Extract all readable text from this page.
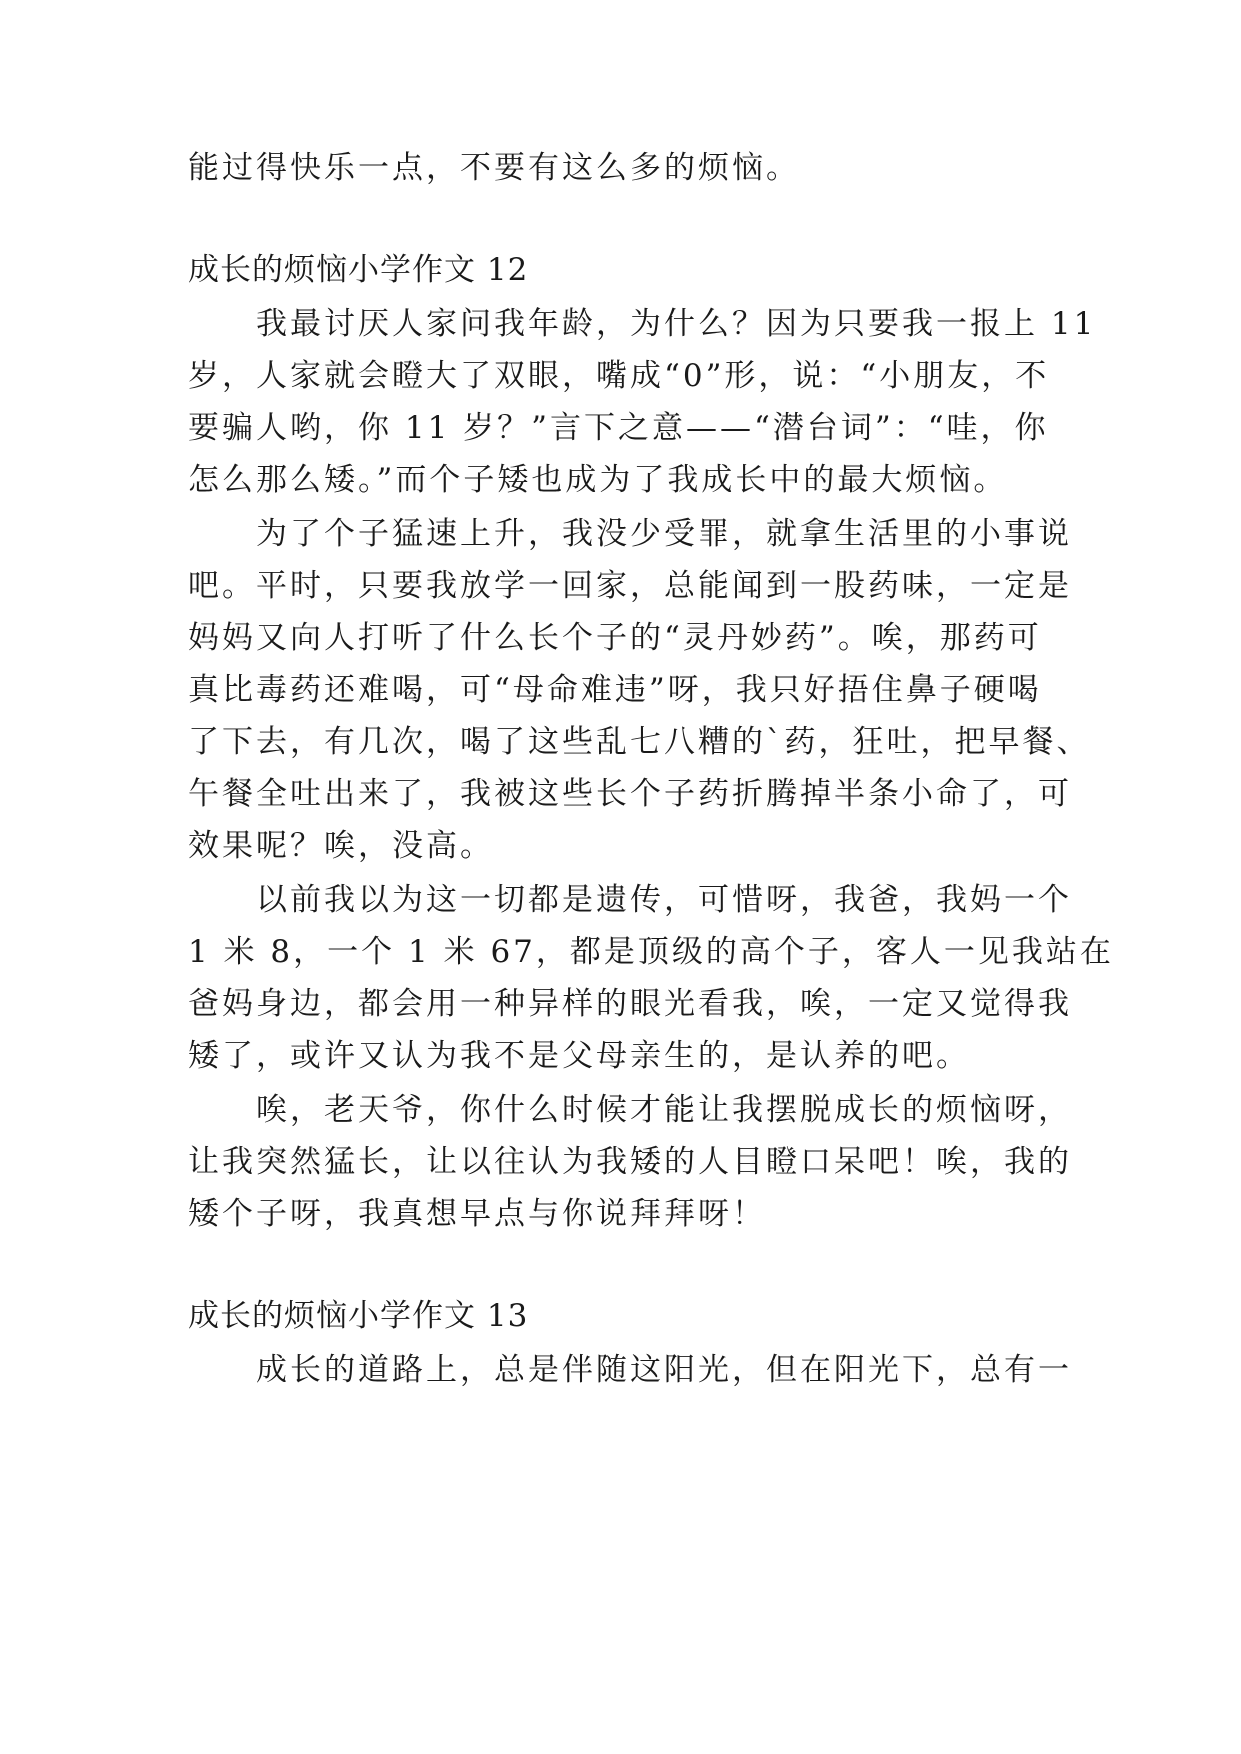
能过得快乐一点，不要有这么多的烦恼。

成长的烦恼小学作文 12

我最讨厌人家问我年龄，为什么？因为只要我一报上 11

岁，人家就会瞪大了双眼，嘴成“0”形，说：“小朋友，不

要骗人哟，你 11 岁？”言下之意——“潜台词”：“哇，你

怎么那么矮。”而个子矮也成为了我成长中的最大烦恼。

为了个子猛速上升，我没少受罪，就拿生活里的小事说

吧。平时，只要我放学一回家，总能闻到一股药味，一定是

妈妈又向人打听了什么长个子的“灵丹妙药”。唉，那药可

真比毒药还难喝，可“母命难违”呀，我只好捂住鼻子硬喝

了下去，有几次，喝了这些乱七八糟的`药，狂吐，把早餐、

午餐全吐出来了，我被这些长个子药折腾掉半条小命了，可

效果呢？唉，没高。

以前我以为这一切都是遗传，可惜呀，我爸，我妈一个

1 米 8，一个 1 米 67，都是顶级的高个子，客人一见我站在

爸妈身边，都会用一种异样的眼光看我，唉，一定又觉得我

矮了，或许又认为我不是父母亲生的，是认养的吧。

唉，老天爷，你什么时候才能让我摆脱成长的烦恼呀，

让我突然猛长，让以往认为我矮的人目瞪口呆吧！唉，我的

矮个子呀，我真想早点与你说拜拜呀！

成长的烦恼小学作文 13

成长的道路上，总是伴随这阳光，但在阳光下，总有一
